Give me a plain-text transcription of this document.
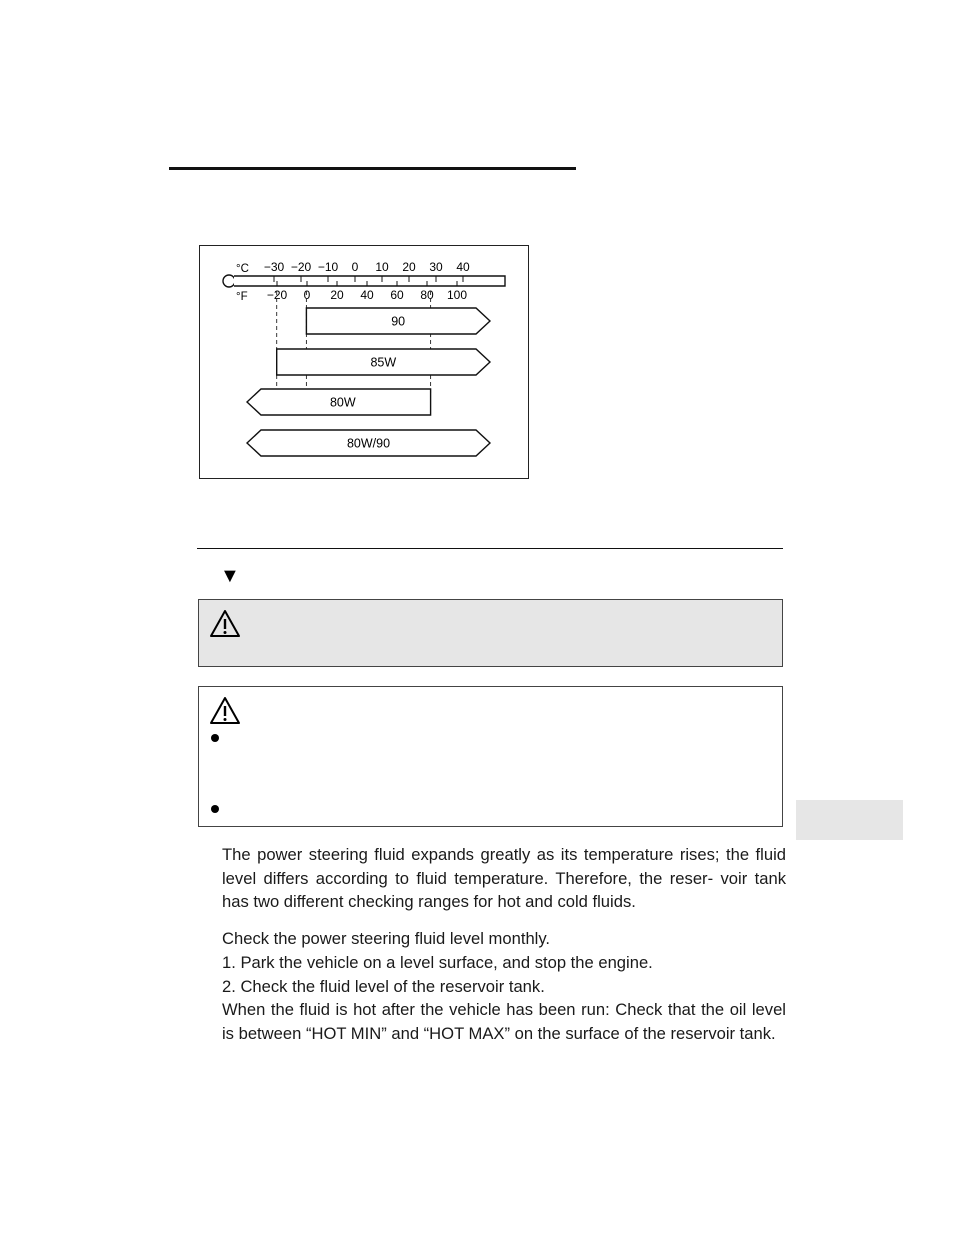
°C
°F
−30 −20 −10 0 10 20 30 40
−20 0 20 40 60 80 100
90
85W
80W
80W/90
▼

The power steering fluid expands greatly as its temperature rises; the fluid level differs according to fluid temperature. Therefore, the reser- voir tank has two different checking ranges for hot and cold fluids.

Check the power steering fluid level monthly.

1. Park the vehicle on a level surface, and stop the engine.

2. Check the fluid level of the reservoir tank.

When the fluid is hot after the vehicle has been run: Check that the oil level is between “HOT MIN” and “HOT MAX” on the surface of the reservoir tank.
